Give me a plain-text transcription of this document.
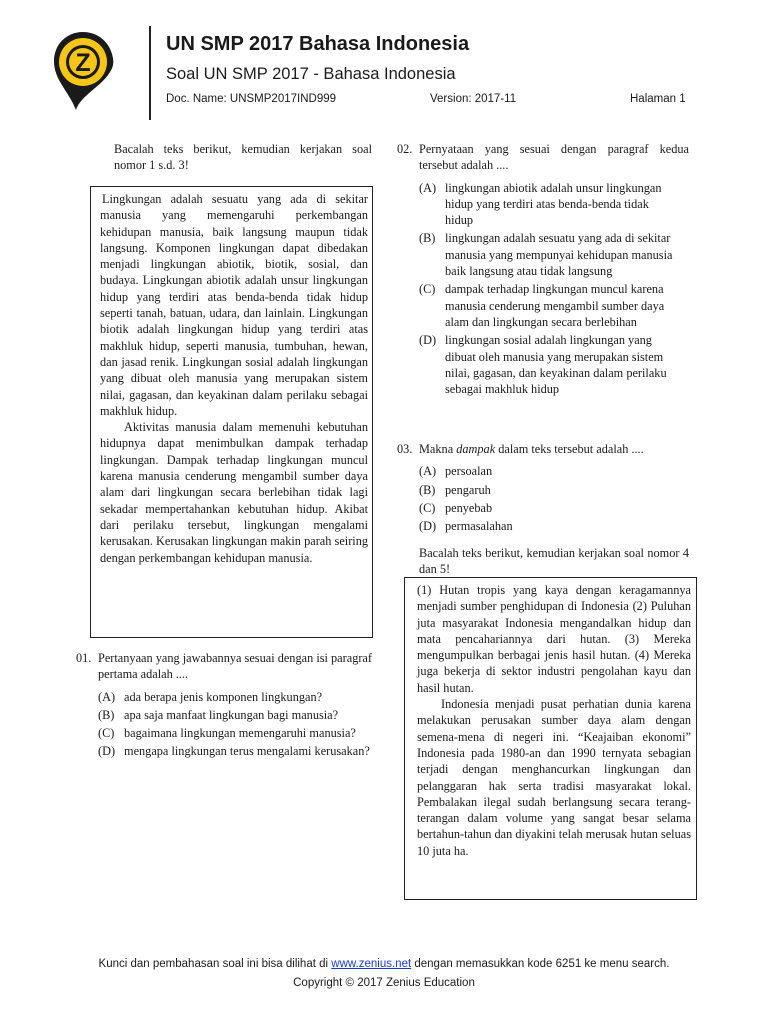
Z
UN SMP 2017 Bahasa Indonesia
Soal UN SMP 2017 - Bahasa Indonesia
Doc. Name: UNSMP2017IND999	Version: 2017-11	Halaman 1
Bacalah teks berikut, kemudian kerjakan soal nomor 1 s.d. 3!

Lingkungan adalah sesuatu yang ada di sekitar manusia yang memengaruhi perkembangan kehidupan manusia, baik langsung maupun tidak langsung. Komponen lingkungan dapat dibedakan menjadi lingkungan abiotik, biotik, sosial, dan budaya. Lingkungan abiotik adalah unsur lingkungan hidup yang terdiri atas benda-benda tidak hidup seperti tanah, batuan, udara, dan lainlain. Lingkungan biotik adalah lingkungan hidup yang terdiri atas makhluk hidup, seperti manusia, tumbuhan, hewan, dan jasad renik. Lingkungan sosial adalah lingkungan yang dibuat oleh manusia yang merupakan sistem nilai, gagasan, dan keyakinan dalam perilaku sebagai makhluk hidup.

Aktivitas manusia dalam memenuhi kebutuhan hidupnya dapat menimbulkan dampak terhadap lingkungan. Dampak terhadap lingkungan muncul karena manusia cenderung mengambil sumber daya alam dari lingkungan secara berlebihan tidak lagi sekadar mempertahankan kebutuhan hidup. Akibat dari perilaku tersebut, lingkungan mengalami kerusakan. Kerusakan lingkungan makin parah seiring dengan perkembangan kehidupan manusia.

01. Pertanyaan yang jawabannya sesuai dengan isi paragraf pertama adalah ....
(A) ada berapa jenis komponen lingkungan?
(B) apa saja manfaat lingkungan bagi manusia?
(C) bagaimana lingkungan memengaruhi manusia?
(D) mengapa lingkungan terus mengalami kerusakan?
02. Pernyataan yang sesuai dengan paragraf kedua tersebut adalah ....
(A) lingkungan abiotik adalah unsur lingkungan hidup yang terdiri atas benda-benda tidak hidup
(B) lingkungan adalah sesuatu yang ada di sekitar manusia yang mempunyai kehidupan manusia baik langsung atau tidak langsung
(C) dampak terhadap lingkungan muncul karena manusia cenderung mengambil sumber daya alam dan lingkungan secara berlebihan
(D) lingkungan sosial adalah lingkungan yang dibuat oleh manusia yang merupakan sistem nilai, gagasan, dan keyakinan dalam perilaku sebagai makhluk hidup
03. Makna dampak dalam teks tersebut adalah ....
(A) persoalan
(B) pengaruh
(C) penyebab
(D) permasalahan
Bacalah teks berikut, kemudian kerjakan soal nomor 4 dan 5!

(1) Hutan tropis yang kaya dengan keragamannya menjadi sumber penghidupan di Indonesia (2) Puluhan juta masyarakat Indonesia mengandalkan hidup dan mata pencahariannya dari hutan. (3) Mereka mengumpulkan berbagai jenis hasil hutan. (4) Mereka juga bekerja di sektor industri pengolahan kayu dan hasil hutan.

Indonesia menjadi pusat perhatian dunia karena melakukan perusakan sumber daya alam dengan semena-mena di negeri ini. “Keajaiban ekonomi” Indonesia pada 1980-an dan 1990 ternyata sebagian terjadi dengan menghancurkan lingkungan dan pelanggaran hak serta tradisi masyarakat lokal. Pembalakan ilegal sudah berlangsung secara terang-terangan dalam volume yang sangat besar selama bertahun-tahun dan diyakini telah merusak hutan seluas 10 juta ha.

Kunci dan pembahasan soal ini bisa dilihat di www.zenius.net dengan memasukkan kode 6251 ke menu search.
Copyright © 2017 Zenius Education
